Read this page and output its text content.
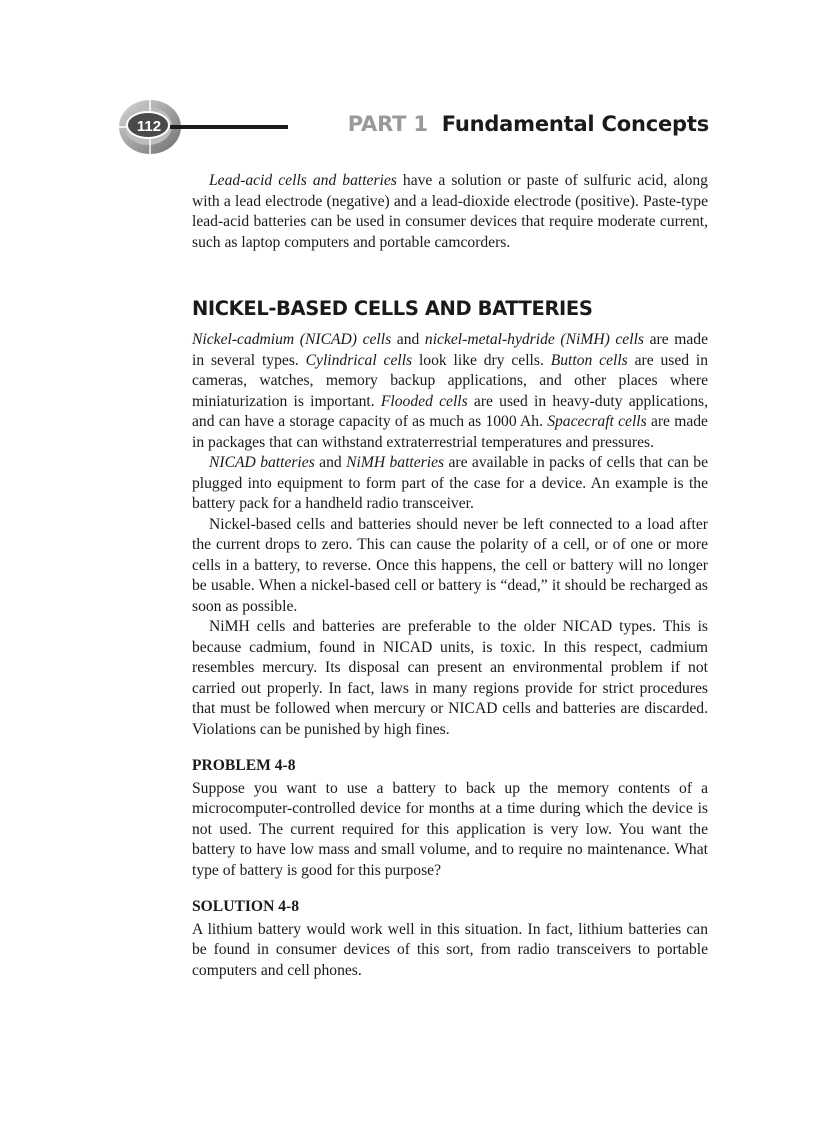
112	PART 1 Fundamental Concepts

Lead-acid cells and batteries have a solution or paste of sulfuric acid, along with a lead electrode (negative) and a lead-dioxide electrode (positive). Paste-type lead-acid batteries can be used in consumer devices that require moderate current, such as laptop computers and portable camcorders.

NICKEL-BASED CELLS AND BATTERIES

Nickel-cadmium (NICAD) cells and nickel-metal-hydride (NiMH) cells are made in several types. Cylindrical cells look like dry cells. Button cells are used in cameras, watches, memory backup applications, and other places where miniaturization is important. Flooded cells are used in heavy-duty applications, and can have a storage capacity of as much as 1000 Ah. Spacecraft cells are made in packages that can withstand extraterrestrial temperatures and pressures.

NICAD batteries and NiMH batteries are available in packs of cells that can be plugged into equipment to form part of the case for a device. An example is the battery pack for a handheld radio transceiver.

Nickel-based cells and batteries should never be left connected to a load after the current drops to zero. This can cause the polarity of a cell, or of one or more cells in a battery, to reverse. Once this happens, the cell or battery will no longer be usable. When a nickel-based cell or battery is “dead,” it should be recharged as soon as possible.

NiMH cells and batteries are preferable to the older NICAD types. This is because cadmium, found in NICAD units, is toxic. In this respect, cadmium resembles mercury. Its disposal can present an environmental problem if not carried out properly. In fact, laws in many regions provide for strict procedures that must be followed when mercury or NICAD cells and batteries are discarded. Violations can be punished by high fines.

PROBLEM 4-8

Suppose you want to use a battery to back up the memory contents of a microcomputer-controlled device for months at a time during which the device is not used. The current required for this application is very low. You want the battery to have low mass and small volume, and to require no maintenance. What type of battery is good for this purpose?

SOLUTION 4-8

A lithium battery would work well in this situation. In fact, lithium batteries can be found in consumer devices of this sort, from radio transceivers to portable computers and cell phones.
